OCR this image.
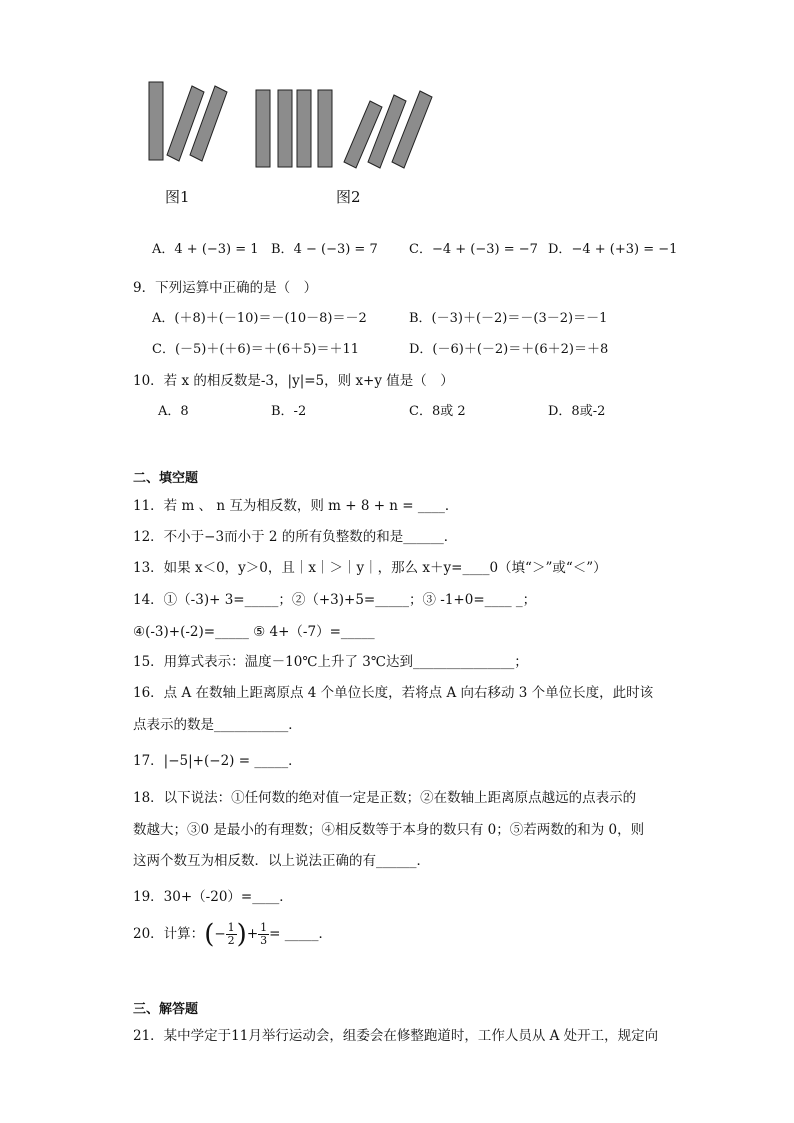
图1	图2
A．4 + (−3) = 1 B．4 − (−3) = 7 C．−4 + (−3) = −7 D．−4 + (+3) = −1
9．下列运算中正确的是（　）
A．(＋8)＋(－10)＝－(10－8)＝－2	B．(－3)＋(－2)＝－(3－2)＝－1
C．(－5)＋(＋6)＝＋(6＋5)＝＋11	D．(－6)＋(－2)＝＋(6＋2)＝＋8
10．若 x 的相反数是-3，|y|=5，则 x+y 值是（　）
A．8	B．-2	C．8或 2	D．8或-2
二、填空题
11．若 m 、 n 互为相反数，则 m + 8 + n = ____．
12．不小于−3而小于 2 的所有负整数的和是______．
13．如果 x＜0，y＞0，且｜x｜＞｜y｜，那么 x＋y=____0（填“＞”或“＜”）
14．①（-3)+ 3=_____；②（+3)+5=_____；③ -1+0=____ _；
④(-3)+(-2)=_____ ⑤ 4+（-7）=_____
15．用算式表示：温度－10℃上升了 3℃达到_______________；
16．点 A 在数轴上距离原点 4 个单位长度，若将点 A 向右移动 3 个单位长度，此时该
点表示的数是___________．
17．|−5|+(−2) = _____．
18．以下说法：①任何数的绝对值一定是正数；②在数轴上距离原点越远的点表示的
数越大；③0 是最小的有理数；④相反数等于本身的数只有 0；⑤若两数的和为 0，则
这两个数互为相反数．以上说法正确的有______．
19．30+（-20）=____．
20．计算：(− $\frac{1}{2}$ )+ $\frac{1}{3}$ = _____．
三、解答题
21．某中学定于11月举行运动会，组委会在修整跑道时，工作人员从 A 处开工，规定向
